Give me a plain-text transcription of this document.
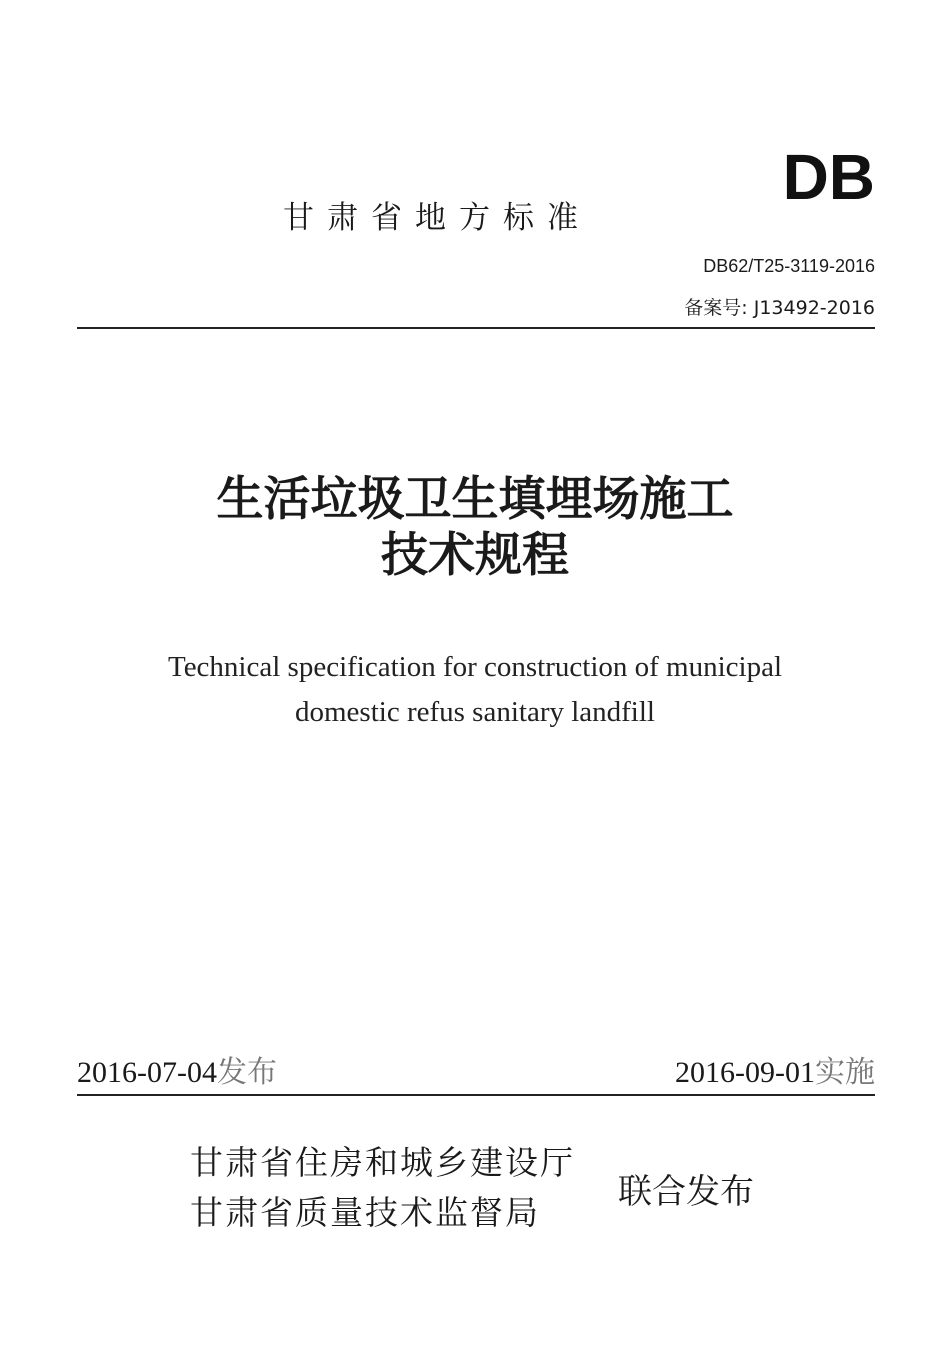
甘肃省地方标准
DB
DB62/T25-3119-2016
备案号: J13492-2016
生活垃圾卫生填埋场施工
技术规程
Technical specification for construction of municipal
domestic refus sanitary landfill
2016-07-04发布	2016-09-01实施
甘肃省住房和城乡建设厅
甘肃省质量技术监督局
联合发布
